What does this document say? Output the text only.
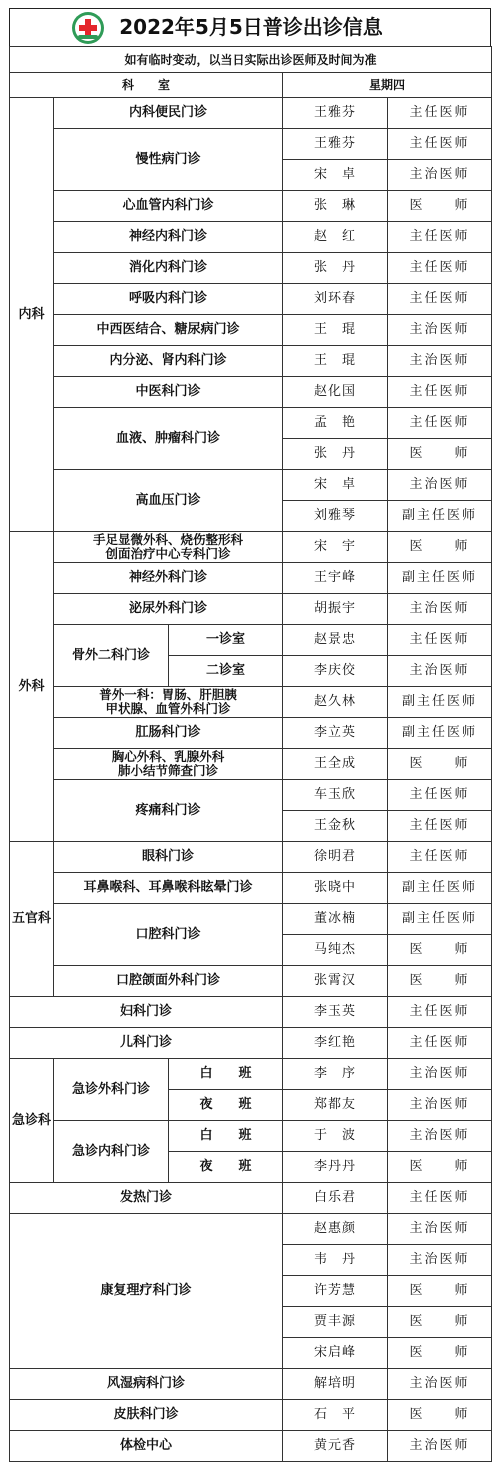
2022年5月5日普诊出诊信息
如有临时变动，以当日实际出诊医师及时间为准				
科　　室			星期四	
内科	内科便民门诊		王雅芬	主任医师
	慢性病门诊		王雅芬	主任医师
			宋　卓	主治医师
	心血管内科门诊		张　琳	医　　师
	神经内科门诊		赵　红	主任医师
	消化内科门诊		张　丹	主任医师
	呼吸内科门诊		刘环春	主任医师
	中西医结合、糖尿病门诊		王　琨	主治医师
	内分泌、肾内科门诊		王　琨	主治医师
	中医科门诊		赵化国	主任医师
	血液、肿瘤科门诊		孟　艳	主任医师
			张　丹	医　　师
	高血压门诊		宋　卓	主治医师
			刘雅琴	副主任医师
外科	手足显微外科、烧伤整形科
创面治疗中心专科门诊		宋　宇	医　　师
	神经外科门诊		王宇峰	副主任医师
	泌尿外科门诊		胡振宇	主治医师
	骨外二科门诊	一诊室	赵景忠	主任医师
		二诊室	李庆佼	主治医师
	普外一科：胃肠、肝胆胰
甲状腺、血管外科门诊		赵久林	副主任医师
	肛肠科门诊		李立英	副主任医师
	胸心外科、乳腺外科
肺小结节筛查门诊		王全成	医　　师
	疼痛科门诊		车玉欣	主任医师
			王金秋	主任医师
五官科	眼科门诊		徐明君	主任医师
	耳鼻喉科、耳鼻喉科眩晕门诊		张晓中	副主任医师
	口腔科门诊		董冰楠	副主任医师
			马纯杰	医　　师
	口腔颌面外科门诊		张霄汉	医　　师
妇科门诊			李玉英	主任医师
儿科门诊			李红艳	主任医师
急诊科	急诊外科门诊	白　　班	李　序	主治医师
		夜　　班	郑都友	主治医师
	急诊内科门诊	白　　班	于　波	主治医师
		夜　　班	李丹丹	医　　师
发热门诊			白乐君	主任医师
康复理疗科门诊			赵惠颜	主治医师
			韦　丹	主治医师
			许芳慧	医　　师
			贾丰源	医　　师
			宋启峰	医　　师
风湿病科门诊			解培明	主治医师
皮肤科门诊			石　平	医　　师
体检中心			黄元香	主治医师
